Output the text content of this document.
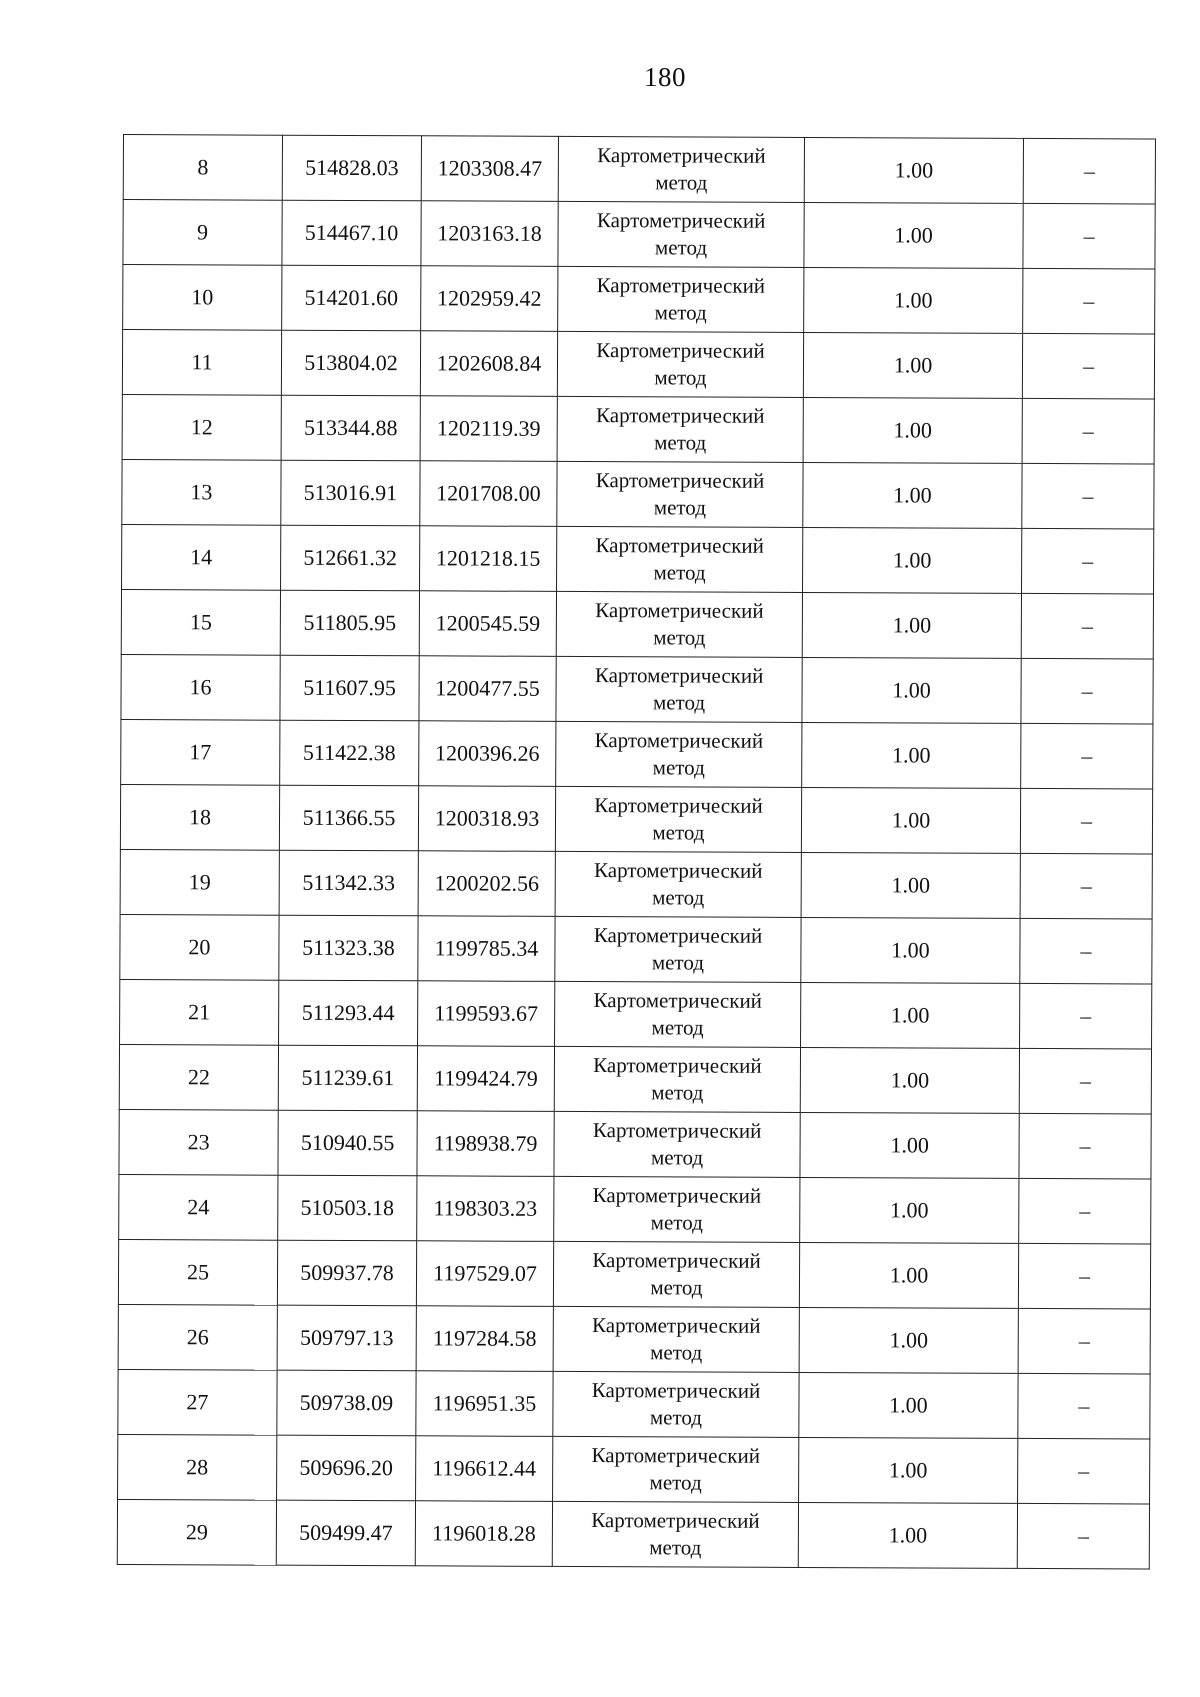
180
8	514828.03	1203308.47	Картометрический
метод	1.00	–
9	514467.10	1203163.18	Картометрический
метод	1.00	–
10	514201.60	1202959.42	Картометрический
метод	1.00	–
11	513804.02	1202608.84	Картометрический
метод	1.00	–
12	513344.88	1202119.39	Картометрический
метод	1.00	–
13	513016.91	1201708.00	Картометрический
метод	1.00	–
14	512661.32	1201218.15	Картометрический
метод	1.00	–
15	511805.95	1200545.59	Картометрический
метод	1.00	–
16	511607.95	1200477.55	Картометрический
метод	1.00	–
17	511422.38	1200396.26	Картометрический
метод	1.00	–
18	511366.55	1200318.93	Картометрический
метод	1.00	–
19	511342.33	1200202.56	Картометрический
метод	1.00	–
20	511323.38	1199785.34	Картометрический
метод	1.00	–
21	511293.44	1199593.67	Картометрический
метод	1.00	–
22	511239.61	1199424.79	Картометрический
метод	1.00	–
23	510940.55	1198938.79	Картометрический
метод	1.00	–
24	510503.18	1198303.23	Картометрический
метод	1.00	–
25	509937.78	1197529.07	Картометрический
метод	1.00	–
26	509797.13	1197284.58	Картометрический
метод	1.00	–
27	509738.09	1196951.35	Картометрический
метод	1.00	–
28	509696.20	1196612.44	Картометрический
метод	1.00	–
29	509499.47	1196018.28	Картометрический
метод	1.00	–
